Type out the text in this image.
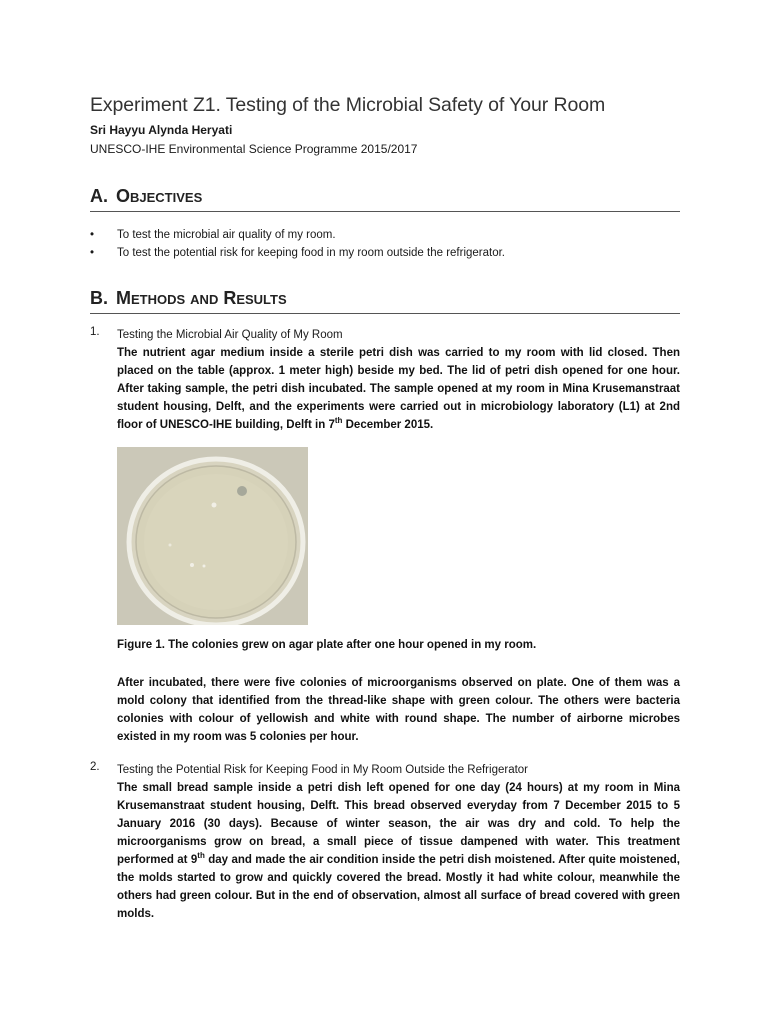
Experiment Z1. Testing of the Microbial Safety of Your Room

Sri Hayyu Alynda Heryati

UNESCO-IHE Environmental Science Programme 2015/2017

A. Objectives
• To test the microbial air quality of my room.
• To test the potential risk for keeping food in my room outside the refrigerator.
B. Methods and Results
1. Testing the Microbial Air Quality of My Room

The nutrient agar medium inside a sterile petri dish was carried to my room with lid closed. Then placed on the table (approx. 1 meter high) beside my bed. The lid of petri dish opened for one hour. After taking sample, the petri dish incubated. The sample opened at my room in Mina Krusemanstraat student housing, Delft, and the experiments were carried out in microbiology laboratory (L1) at 2nd floor of UNESCO-IHE building, Delft in 7th December 2015.

Figure 1. The colonies grew on agar plate after one hour opened in my room.

After incubated, there were five colonies of microorganisms observed on plate. One of them was a mold colony that identified from the thread-like shape with green colour. The others were bacteria colonies with colour of yellowish and white with round shape. The number of airborne microbes existed in my room was 5 colonies per hour.

2. Testing the Potential Risk for Keeping Food in My Room Outside the Refrigerator

The small bread sample inside a petri dish left opened for one day (24 hours) at my room in Mina Krusemanstraat student housing, Delft. This bread observed everyday from 7 December 2015 to 5 January 2016 (30 days). Because of winter season, the air was dry and cold. To help the microorganisms grow on bread, a small piece of tissue dampened with water. This treatment performed at 9th day and made the air condition inside the petri dish moistened. After quite moistened, the molds started to grow and quickly covered the bread. Mostly it had white colour, meanwhile the others had green colour. But in the end of observation, almost all surface of bread covered with green molds.
